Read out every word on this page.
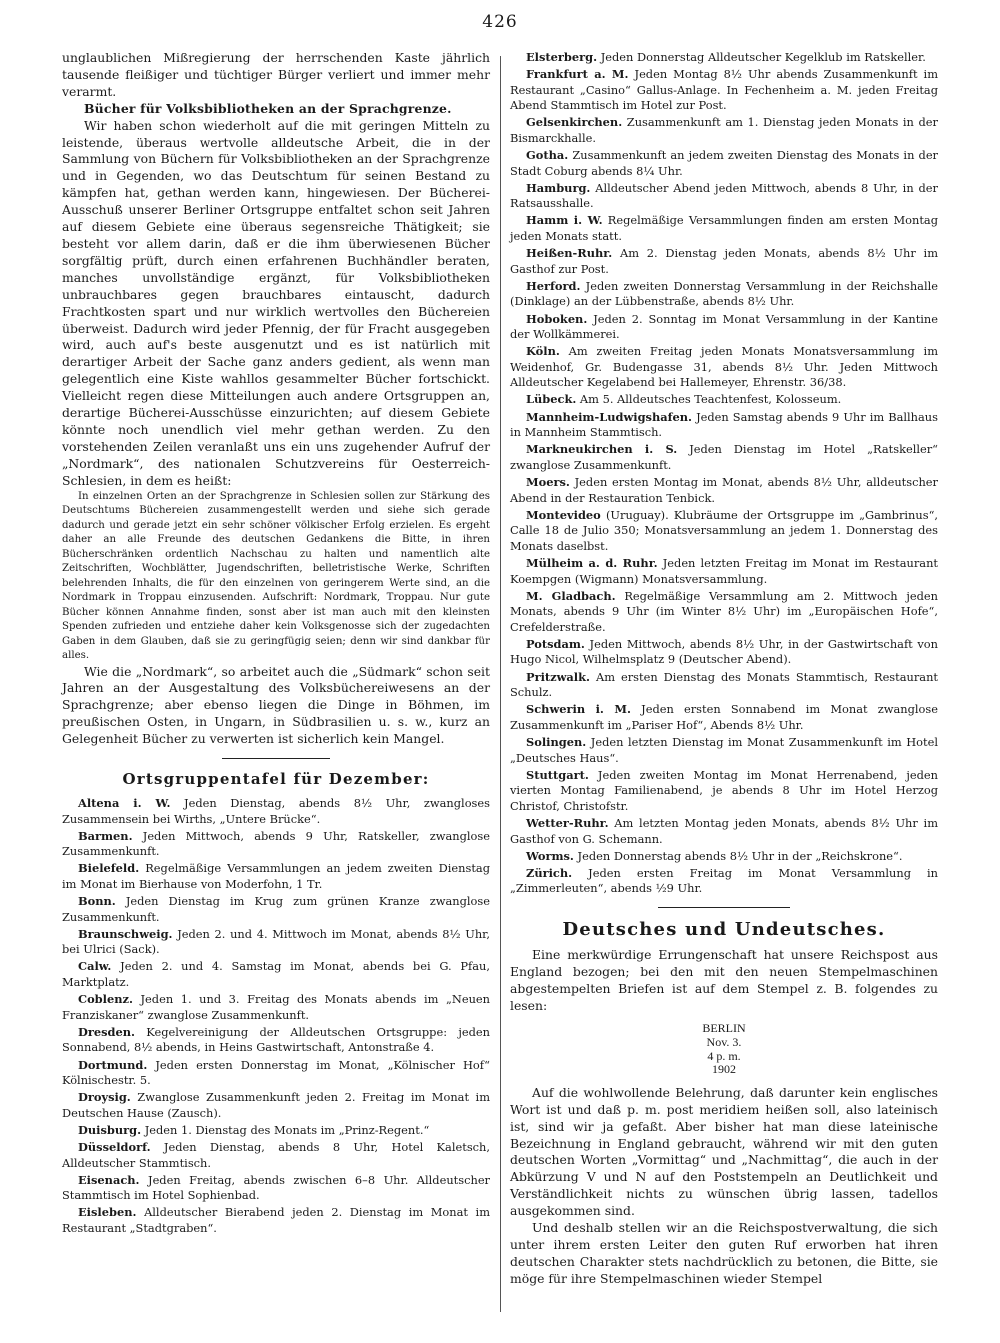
426

unglaublichen Mißregierung der herrschenden Kaste jährlich tausende fleißiger und tüchtiger Bürger verliert und immer mehr verarmt.

Bücher für Volksbibliotheken an der Sprachgrenze.

Wir haben schon wiederholt auf die mit geringen Mitteln zu leistende, überaus wertvolle alldeutsche Arbeit, die in der Sammlung von Büchern für Volksbibliotheken an der Sprachgrenze und in Gegenden, wo das Deutschtum für seinen Bestand zu kämpfen hat, gethan werden kann, hingewiesen. Der Bücherei-Ausschuß unserer Berliner Ortsgruppe entfaltet schon seit Jahren auf diesem Gebiete eine überaus segensreiche Thätigkeit; sie besteht vor allem darin, daß er die ihm überwiesenen Bücher sorgfältig prüft, durch einen erfahrenen Buchhändler beraten, manches unvollständige ergänzt, für Volksbibliotheken unbrauchbares gegen brauchbares eintauscht, dadurch Frachtkosten spart und nur wirklich wertvolles den Büchereien überweist. Dadurch wird jeder Pfennig, der für Fracht ausgegeben wird, auch auf's beste ausgenutzt und es ist natürlich mit derartiger Arbeit der Sache ganz anders gedient, als wenn man gelegentlich eine Kiste wahllos gesammelter Bücher fortschickt. Vielleicht regen diese Mitteilungen auch andere Ortsgruppen an, derartige Bücherei-Ausschüsse einzurichten; auf diesem Gebiete könnte noch unendlich viel mehr gethan werden. Zu den vorstehenden Zeilen veranlaßt uns ein uns zugehender Aufruf der „Nordmark“, des nationalen Schutzvereins für Oesterreich-Schlesien, in dem es heißt:

In einzelnen Orten an der Sprachgrenze in Schlesien sollen zur Stärkung des Deutschtums Büchereien zusammengestellt werden und siehe sich gerade dadurch und gerade jetzt ein sehr schöner völkischer Erfolg erzielen. Es ergeht daher an alle Freunde des deutschen Gedankens die Bitte, in ihren Bücherschränken ordentlich Nachschau zu halten und namentlich alte Zeitschriften, Wochblätter, Jugendschriften, belletristische Werke, Schriften belehrenden Inhalts, die für den einzelnen von geringerem Werte sind, an die Nordmark in Troppau einzusenden. Aufschrift: Nordmark, Troppau. Nur gute Bücher können Annahme finden, sonst aber ist man auch mit den kleinsten Spenden zufrieden und entziehe daher kein Volksgenosse sich der zugedachten Gaben in dem Glauben, daß sie zu geringfügig seien; denn wir sind dankbar für alles.

Wie die „Nordmark“, so arbeitet auch die „Südmark“ schon seit Jahren an der Ausgestaltung des Volksbüchereiwesens an der Sprachgrenze; aber ebenso liegen die Dinge in Böhmen, im preußischen Osten, in Ungarn, in Südbrasilien u. s. w., kurz an Gelegenheit Bücher zu verwerten ist sicherlich kein Mangel.

Ortsgruppentafel für Dezember:

Altena i. W. Jeden Dienstag, abends 8½ Uhr, zwangloses Zusammensein bei Wirths, „Untere Brücke“.

Barmen. Jeden Mittwoch, abends 9 Uhr, Ratskeller, zwanglose Zusammenkunft.

Bielefeld. Regelmäßige Versammlungen an jedem zweiten Dienstag im Monat im Bierhause von Moderfohn, 1 Tr.

Bonn. Jeden Dienstag im Krug zum grünen Kranze zwanglose Zusammenkunft.

Braunschweig. Jeden 2. und 4. Mittwoch im Monat, abends 8½ Uhr, bei Ulrici (Sack).

Calw. Jeden 2. und 4. Samstag im Monat, abends bei G. Pfau, Marktplatz.

Coblenz. Jeden 1. und 3. Freitag des Monats abends im „Neuen Franziskaner“ zwanglose Zusammenkunft.

Dresden. Kegelvereinigung der Alldeutschen Ortsgruppe: jeden Sonnabend, 8½ abends, in Heins Gastwirtschaft, Antonstraße 4.

Dortmund. Jeden ersten Donnerstag im Monat, „Kölnischer Hof“ Kölnischestr. 5.

Droysig. Zwanglose Zusammenkunft jeden 2. Freitag im Monat im Deutschen Hause (Zausch).

Duisburg. Jeden 1. Dienstag des Monats im „Prinz-Regent.“

Düsseldorf. Jeden Dienstag, abends 8 Uhr, Hotel Kaletsch, Alldeutscher Stammtisch.

Eisenach. Jeden Freitag, abends zwischen 6–8 Uhr. Alldeutscher Stammtisch im Hotel Sophienbad.

Eisleben. Alldeutscher Bierabend jeden 2. Dienstag im Monat im Restaurant „Stadtgraben“.

Elsterberg. Jeden Donnerstag Alldeutscher Kegelklub im Ratskeller.

Frankfurt a. M. Jeden Montag 8½ Uhr abends Zusammenkunft im Restaurant „Casino“ Gallus-Anlage. In Fechenheim a. M. jeden Freitag Abend Stammtisch im Hotel zur Post.

Gelsenkirchen. Zusammenkunft am 1. Dienstag jeden Monats in der Bismarckhalle.

Gotha. Zusammenkunft an jedem zweiten Dienstag des Monats in der Stadt Coburg abends 8¼ Uhr.

Hamburg. Alldeutscher Abend jeden Mittwoch, abends 8 Uhr, in der Ratsausshalle.

Hamm i. W. Regelmäßige Versammlungen finden am ersten Montag jeden Monats statt.

Heißen-Ruhr. Am 2. Dienstag jeden Monats, abends 8½ Uhr im Gasthof zur Post.

Herford. Jeden zweiten Donnerstag Versammlung in der Reichshalle (Dinklage) an der Lübbenstraße, abends 8½ Uhr.

Hoboken. Jeden 2. Sonntag im Monat Versammlung in der Kantine der Wollkämmerei.

Köln. Am zweiten Freitag jeden Monats Monatsversammlung im Weidenhof, Gr. Budengasse 31, abends 8½ Uhr. Jeden Mittwoch Alldeutscher Kegelabend bei Hallemeyer, Ehrenstr. 36/38.

Lübeck. Am 5. Alldeutsches Teachtenfest, Kolosseum.

Mannheim-Ludwigshafen. Jeden Samstag abends 9 Uhr im Ballhaus in Mannheim Stammtisch.

Markneukirchen i. S. Jeden Dienstag im Hotel „Ratskeller“ zwanglose Zusammenkunft.

Moers. Jeden ersten Montag im Monat, abends 8½ Uhr, alldeutscher Abend in der Restauration Tenbick.

Montevideo (Uruguay). Klubräume der Ortsgruppe im „Gambrinus“, Calle 18 de Julio 350; Monatsversammlung an jedem 1. Donnerstag des Monats daselbst.

Mülheim a. d. Ruhr. Jeden letzten Freitag im Monat im Restaurant Koempgen (Wigmann) Monatsversammlung.

M. Gladbach. Regelmäßige Versammlung am 2. Mittwoch jeden Monats, abends 9 Uhr (im Winter 8½ Uhr) im „Europäischen Hofe“, Crefelderstraße.

Potsdam. Jeden Mittwoch, abends 8½ Uhr, in der Gastwirtschaft von Hugo Nicol, Wilhelmsplatz 9 (Deutscher Abend).

Pritzwalk. Am ersten Dienstag des Monats Stammtisch, Restaurant Schulz.

Schwerin i. M. Jeden ersten Sonnabend im Monat zwanglose Zusammenkunft im „Pariser Hof“, Abends 8½ Uhr.

Solingen. Jeden letzten Dienstag im Monat Zusammenkunft im Hotel „Deutsches Haus“.

Stuttgart. Jeden zweiten Montag im Monat Herrenabend, jeden vierten Montag Familienabend, je abends 8 Uhr im Hotel Herzog Christof, Christofstr.

Wetter-Ruhr. Am letzten Montag jeden Monats, abends 8½ Uhr im Gasthof von G. Schemann.

Worms. Jeden Donnerstag abends 8½ Uhr in der „Reichskrone“.

Zürich. Jeden ersten Freitag im Monat Versammlung in „Zimmerleuten“, abends ½9 Uhr.

Deutsches und Undeutsches.

Eine merkwürdige Errungenschaft hat unsere Reichspost aus England bezogen; bei den mit den neuen Stempelmaschinen abgestempelten Briefen ist auf dem Stempel z. B. folgendes zu lesen:

BERLIN
Nov. 3.
4 p. m.
1902

Auf die wohlwollende Belehrung, daß darunter kein englisches Wort ist und daß p. m. post meridiem heißen soll, also lateinisch ist, sind wir ja gefaßt. Aber bisher hat man diese lateinische Bezeichnung in England gebraucht, während wir mit den guten deutschen Worten „Vormittag“ und „Nachmittag“, die auch in der Abkürzung V und N auf den Poststempeln an Deutlichkeit und Verständlichkeit nichts zu wünschen übrig lassen, tadellos ausgekommen sind.

Und deshalb stellen wir an die Reichspostverwaltung, die sich unter ihrem ersten Leiter den guten Ruf erworben hat ihren deutschen Charakter stets nachdrücklich zu betonen, die Bitte, sie möge für ihre Stempelmaschinen wieder Stempel
